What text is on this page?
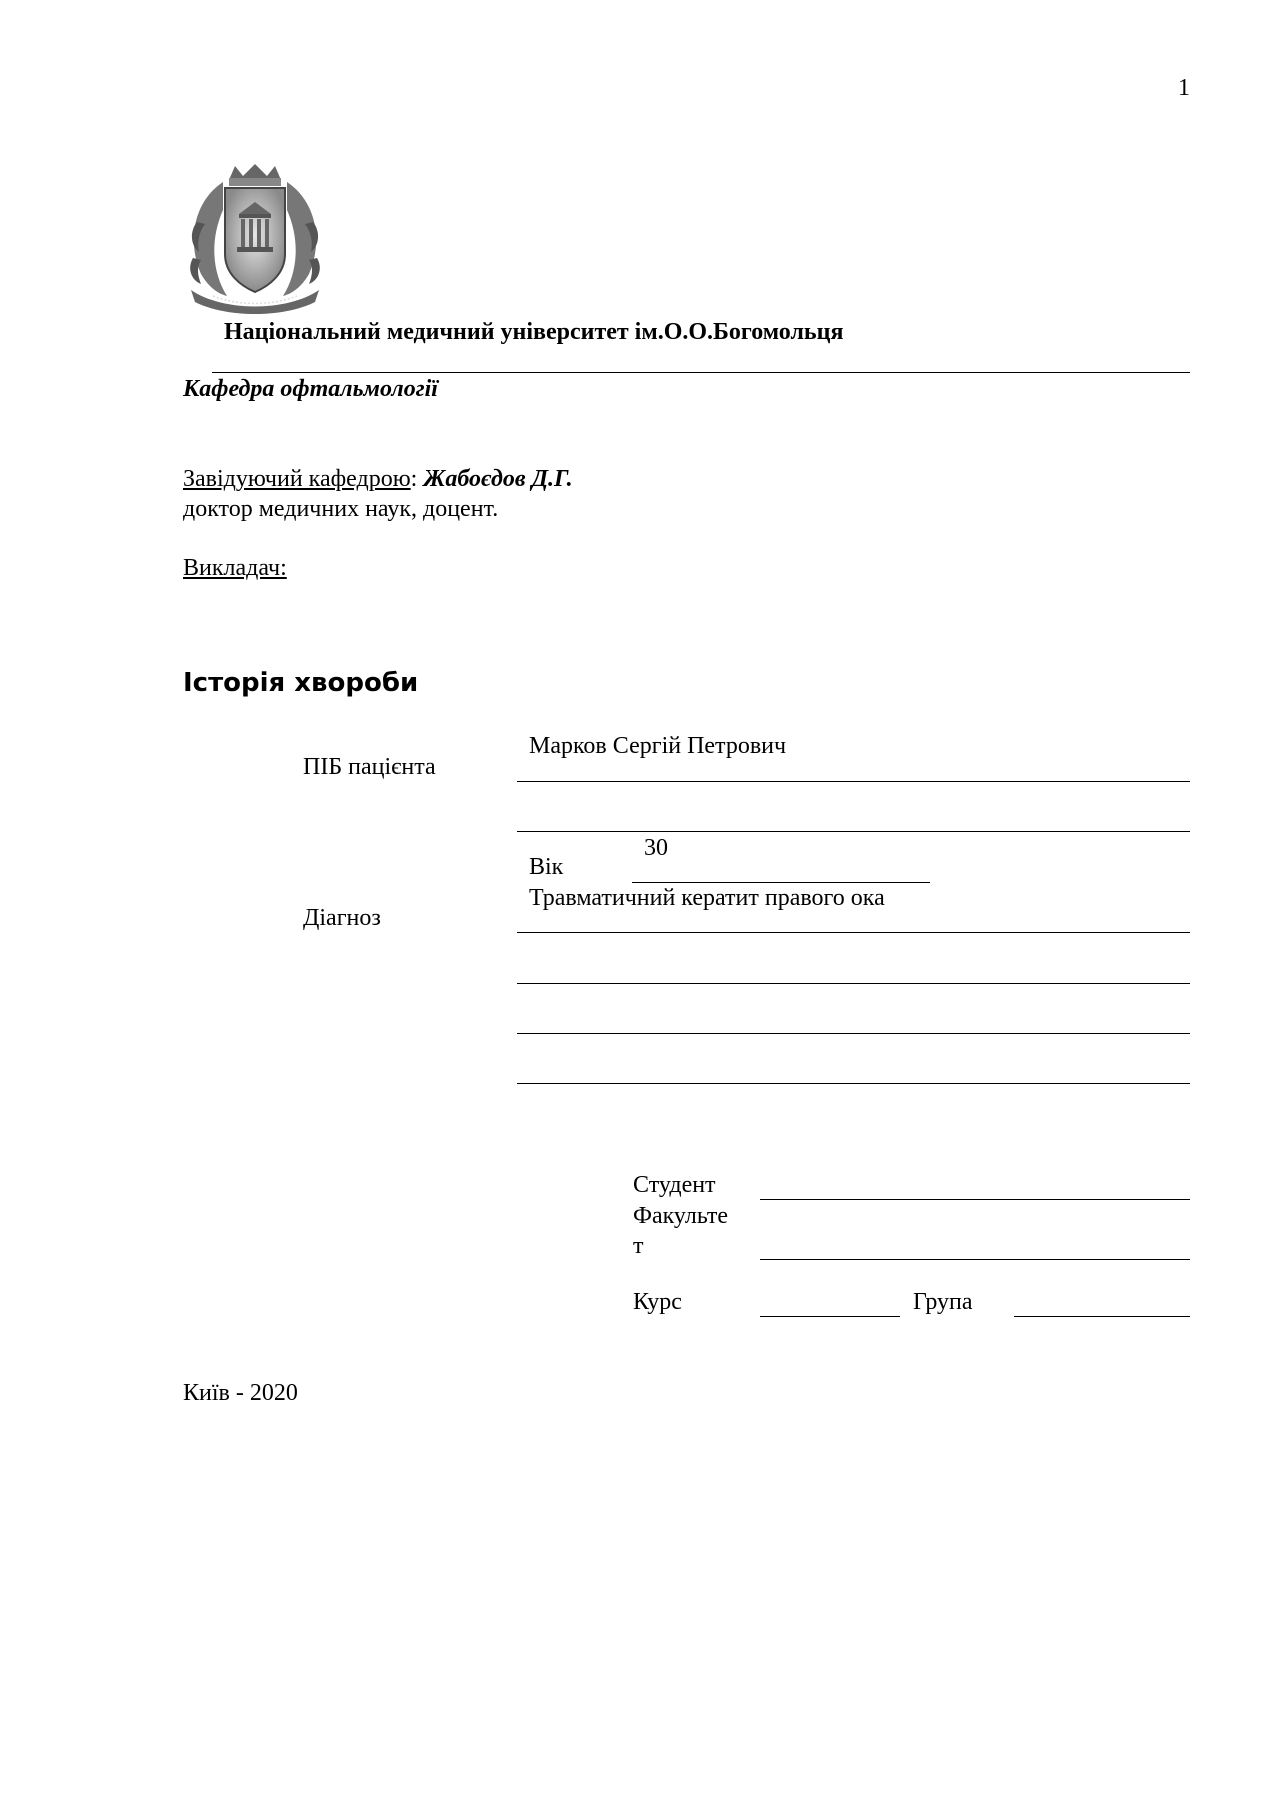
1
Національний медичний університет ім.О.О.Богомольця
Кафедра офтальмології
Завідуючий кафедрою: Жабоєдов Д.Г.
доктор медичних наук, доцент.
Викладач:
Історія хвороби
ПІБ пацієнта
Марков Сергій Петрович
30
Вік
Травматичний кератит правого ока
Діагноз
Студент
Факульте
т
Курс	Група
Київ - 2020
